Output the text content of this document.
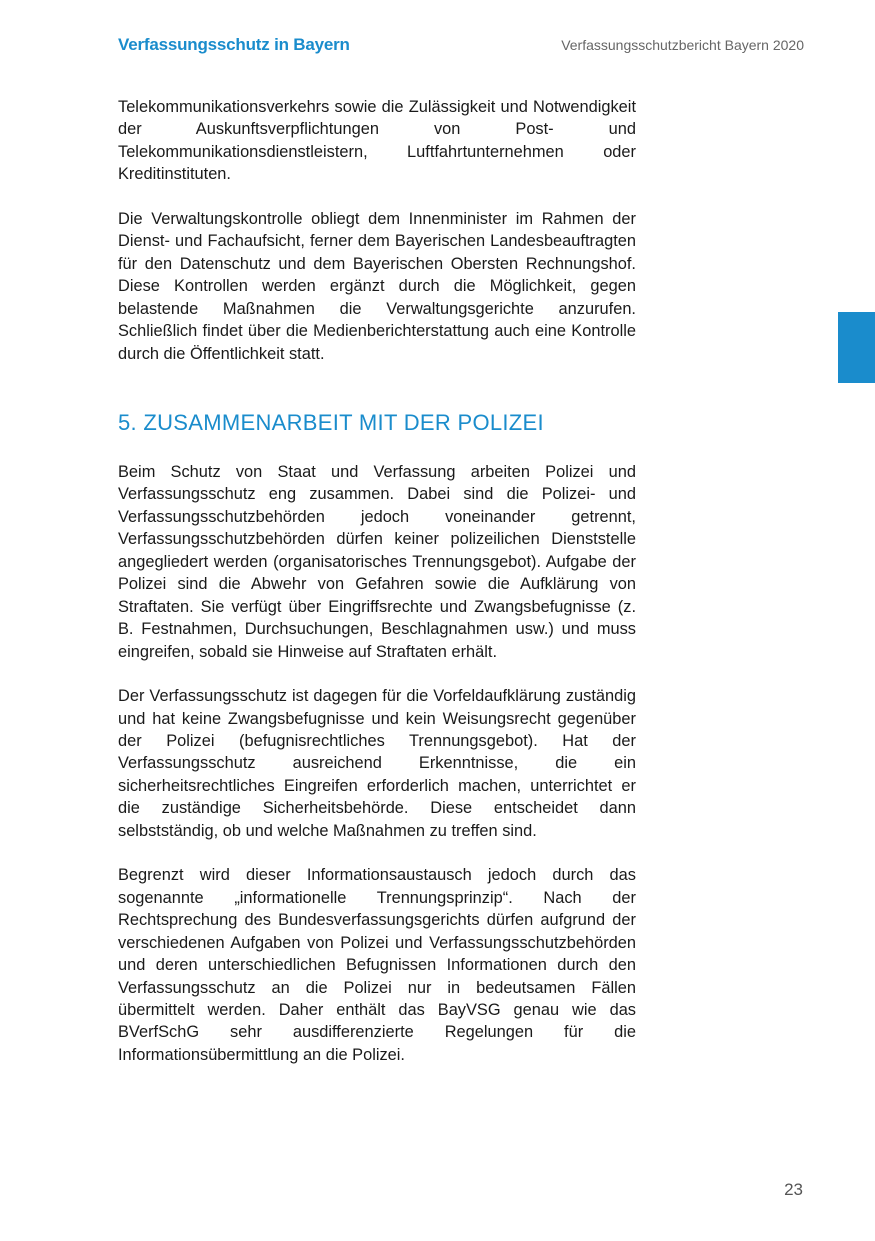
Verfassungsschutz in Bayern	Verfassungsschutzbericht Bayern 2020

Telekommunikationsverkehrs sowie die Zulässigkeit und Notwendigkeit der Auskunftsverpflichtungen von Post- und Telekommunikationsdienstleistern, Luftfahrtunternehmen oder Kreditinstituten.

Die Verwaltungskontrolle obliegt dem Innenminister im Rahmen der Dienst- und Fachaufsicht, ferner dem Bayerischen Landesbeauftragten für den Datenschutz und dem Bayerischen Obersten Rechnungshof. Diese Kontrollen werden ergänzt durch die Möglichkeit, gegen belastende Maßnahmen die Verwaltungsgerichte anzurufen. Schließlich findet über die Medienberichterstattung auch eine Kontrolle durch die Öffentlichkeit statt.

5. ZUSAMMENARBEIT MIT DER POLIZEI

Beim Schutz von Staat und Verfassung arbeiten Polizei und Verfassungsschutz eng zusammen. Dabei sind die Polizei- und Verfassungsschutzbehörden jedoch voneinander getrennt, Verfassungsschutzbehörden dürfen keiner polizeilichen Dienststelle angegliedert werden (organisatorisches Trennungsgebot). Aufgabe der Polizei sind die Abwehr von Gefahren sowie die Aufklärung von Straftaten. Sie verfügt über Eingriffsrechte und Zwangsbefugnisse (z. B. Festnahmen, Durchsuchungen, Beschlagnahmen usw.) und muss eingreifen, sobald sie Hinweise auf Straftaten erhält.

Der Verfassungsschutz ist dagegen für die Vorfeldaufklärung zuständig und hat keine Zwangsbefugnisse und kein Weisungsrecht gegenüber der Polizei (befugnisrechtliches Trennungsgebot). Hat der Verfassungsschutz ausreichend Erkenntnisse, die ein sicherheitsrechtliches Eingreifen erforderlich machen, unterrichtet er die zuständige Sicherheitsbehörde. Diese entscheidet dann selbstständig, ob und welche Maßnahmen zu treffen sind.

Begrenzt wird dieser Informationsaustausch jedoch durch das sogenannte „informationelle Trennungsprinzip“. Nach der Rechtsprechung des Bundesverfassungsgerichts dürfen aufgrund der verschiedenen Aufgaben von Polizei und Verfassungsschutzbehörden und deren unterschiedlichen Befugnissen Informationen durch den Verfassungsschutz an die Polizei nur in bedeutsamen Fällen übermittelt werden. Daher enthält das BayVSG genau wie das BVerfSchG sehr ausdifferenzierte Regelungen für die Informationsübermittlung an die Polizei.

23
